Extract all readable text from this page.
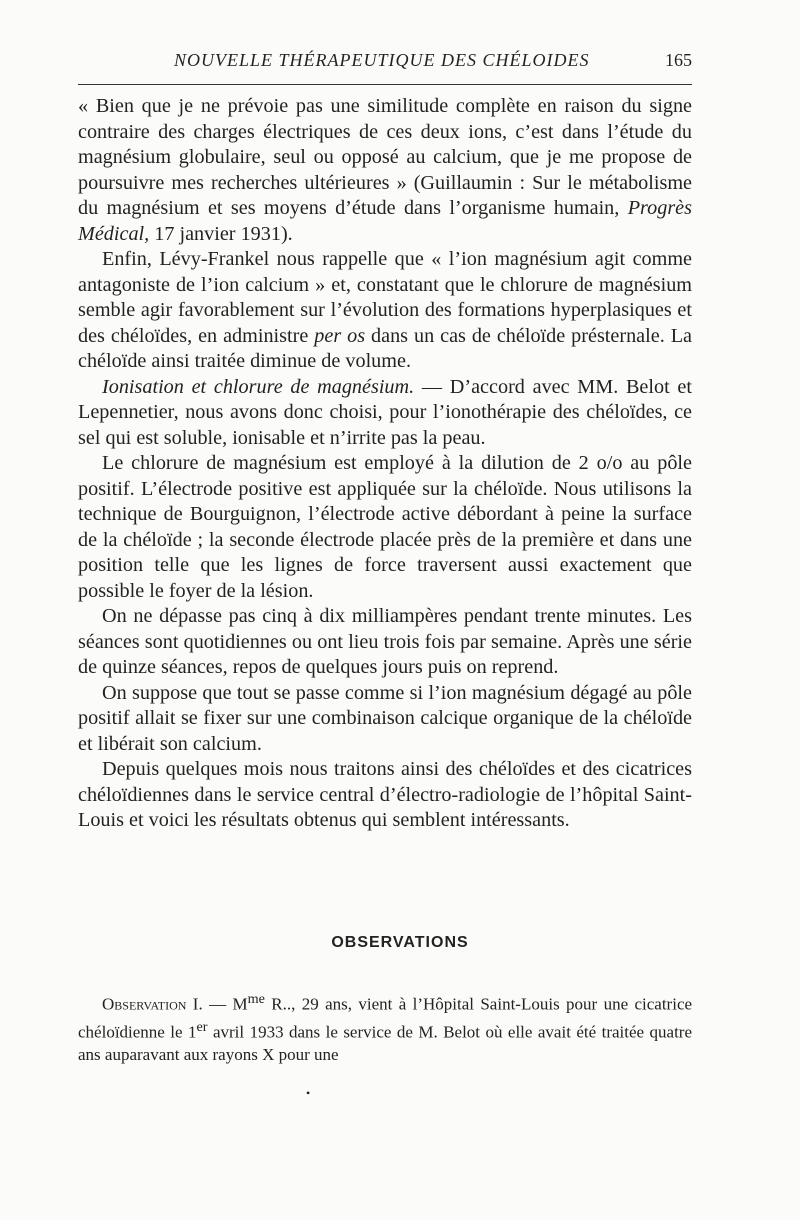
NOUVELLE THÉRAPEUTIQUE DES CHÉLOIDES	165

« Bien que je ne prévoie pas une similitude complète en raison du signe contraire des charges électriques de ces deux ions, c’est dans l’étude du magnésium globulaire, seul ou opposé au calcium, que je me propose de poursuivre mes recherches ultérieures » (Guillaumin : Sur le métabolisme du magnésium et ses moyens d’étude dans l’organisme humain, Progrès Médical, 17 janvier 1931).

Enfin, Lévy-Frankel nous rappelle que « l’ion magnésium agit comme antagoniste de l’ion calcium » et, constatant que le chlorure de magnésium semble agir favorablement sur l’évolution des formations hyperplasiques et des chéloïdes, en administre per os dans un cas de chéloïde présternale. La chéloïde ainsi traitée diminue de volume.

Ionisation et chlorure de magnésium. — D’accord avec MM. Belot et Lepennetier, nous avons donc choisi, pour l’ionothérapie des chéloïdes, ce sel qui est soluble, ionisable et n’irrite pas la peau.

Le chlorure de magnésium est employé à la dilution de 2 o/o au pôle positif. L’électrode positive est appliquée sur la chéloïde. Nous utilisons la technique de Bourguignon, l’électrode active débordant à peine la surface de la chéloïde ; la seconde électrode placée près de la première et dans une position telle que les lignes de force traversent aussi exactement que possible le foyer de la lésion.

On ne dépasse pas cinq à dix milliampères pendant trente minutes. Les séances sont quotidiennes ou ont lieu trois fois par semaine. Après une série de quinze séances, repos de quelques jours puis on reprend.

On suppose que tout se passe comme si l’ion magnésium dégagé au pôle positif allait se fixer sur une combinaison calcique organique de la chéloïde et libérait son calcium.

Depuis quelques mois nous traitons ainsi des chéloïdes et des cicatrices chéloïdiennes dans le service central d’électro-radiologie de l’hôpital Saint-Louis et voici les résultats obtenus qui semblent intéressants.

OBSERVATIONS

Observation I. — $M^{me}$ R.., 29 ans, vient à l’Hôpital Saint-Louis pour une cicatrice chéloïdienne le 1er avril 1933 dans le service de M. Belot où elle avait été traitée quatre ans auparavant aux rayons X pour une

•
